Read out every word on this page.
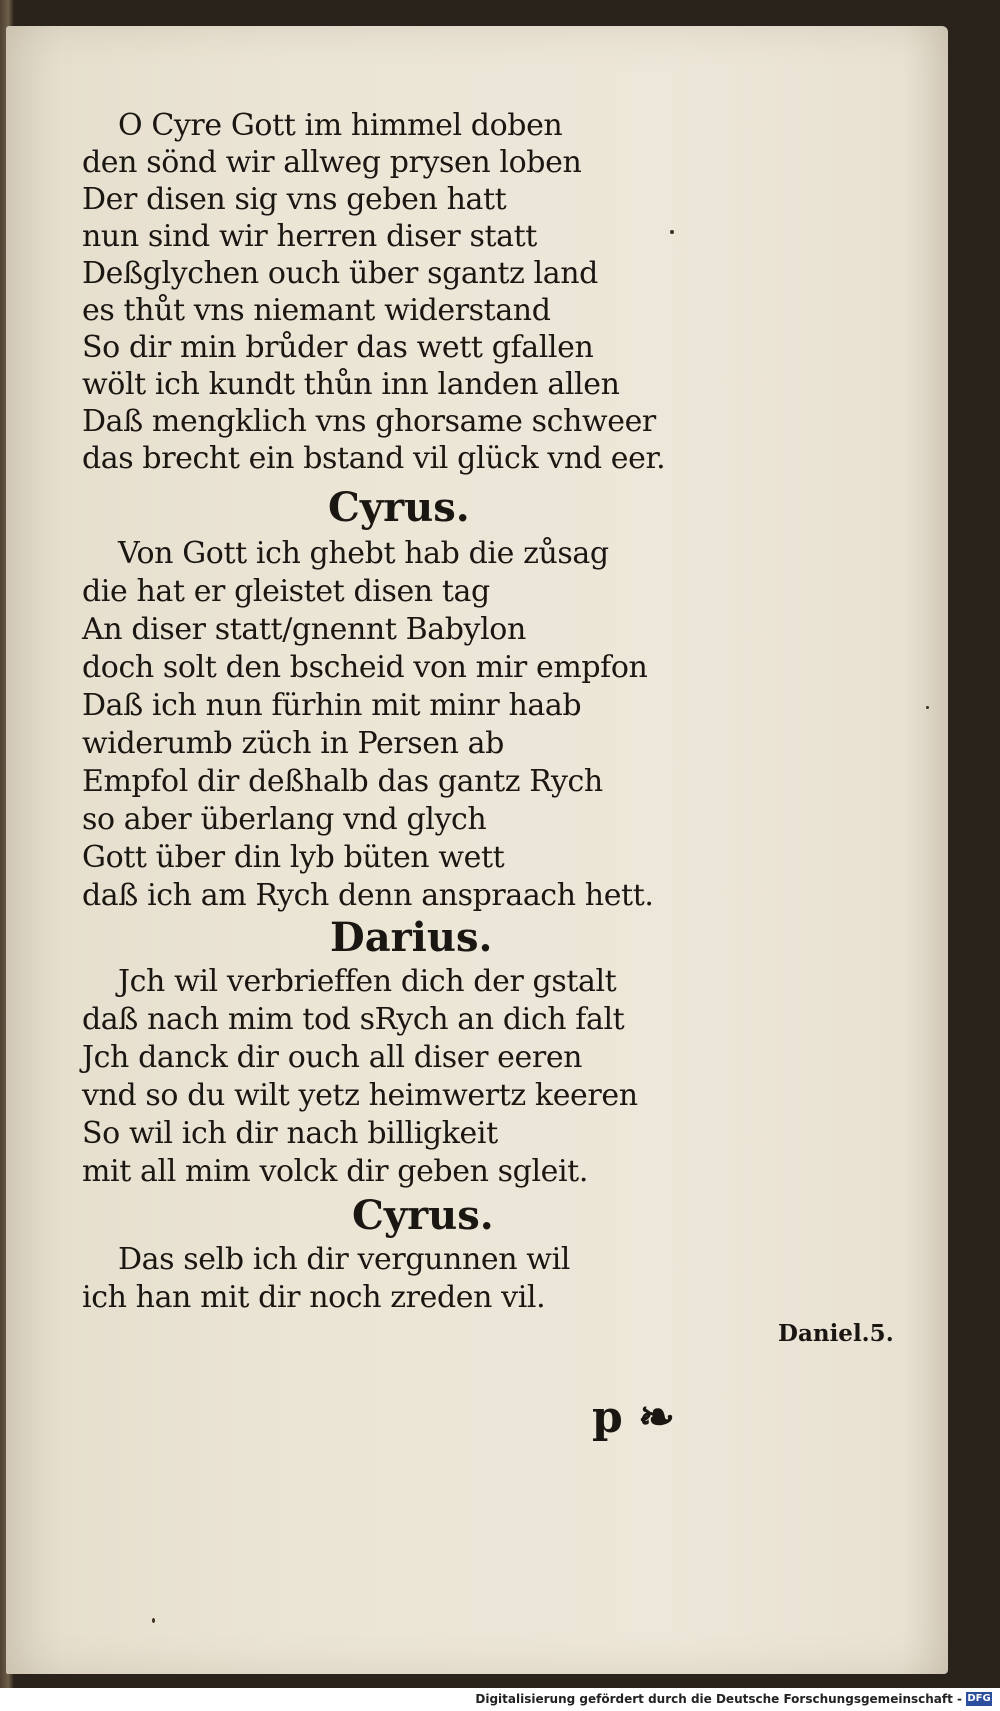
O Cyre Gott im himmel doben
den sönd wir allweg prysen loben
Der disen sig vns geben hatt
nun sind wir herren diser statt
Deßglychen ouch über sgantz land
es thůt vns niemant widerstand
So dir min brůder das wett gfallen
wölt ich kundt thůn inn landen allen
Daß mengklich vns ghorsame schweer
das brecht ein bstand vil glück vnd eer.
Cyrus.
Von Gott ich ghebt hab die zůsag
die hat er gleistet disen tag
An diser statt/gnennt Babylon
doch solt den bscheid von mir empfon
Daß ich nun fürhin mit minr haab
widerumb züch in Persen ab
Empfol dir deßhalb das gantz Rych
so aber überlang vnd glych
Gott über din lyb büten wett
daß ich am Rych denn anspraach hett.
Darius.
Jch wil verbrieffen dich der gstalt
daß nach mim tod sRych an dich falt
Jch danck dir ouch all diser eeren
vnd so du wilt yetz heimwertz keeren
So wil ich dir nach billigkeit
mit all mim volck dir geben sgleit.
Cyrus.
Das selb ich dir vergunnen wil
ich han mit dir noch zreden vil.
Daniel.5.
p ❧
Digitalisierung gefördert durch die Deutsche Forschungsgemeinschaft - DFG
